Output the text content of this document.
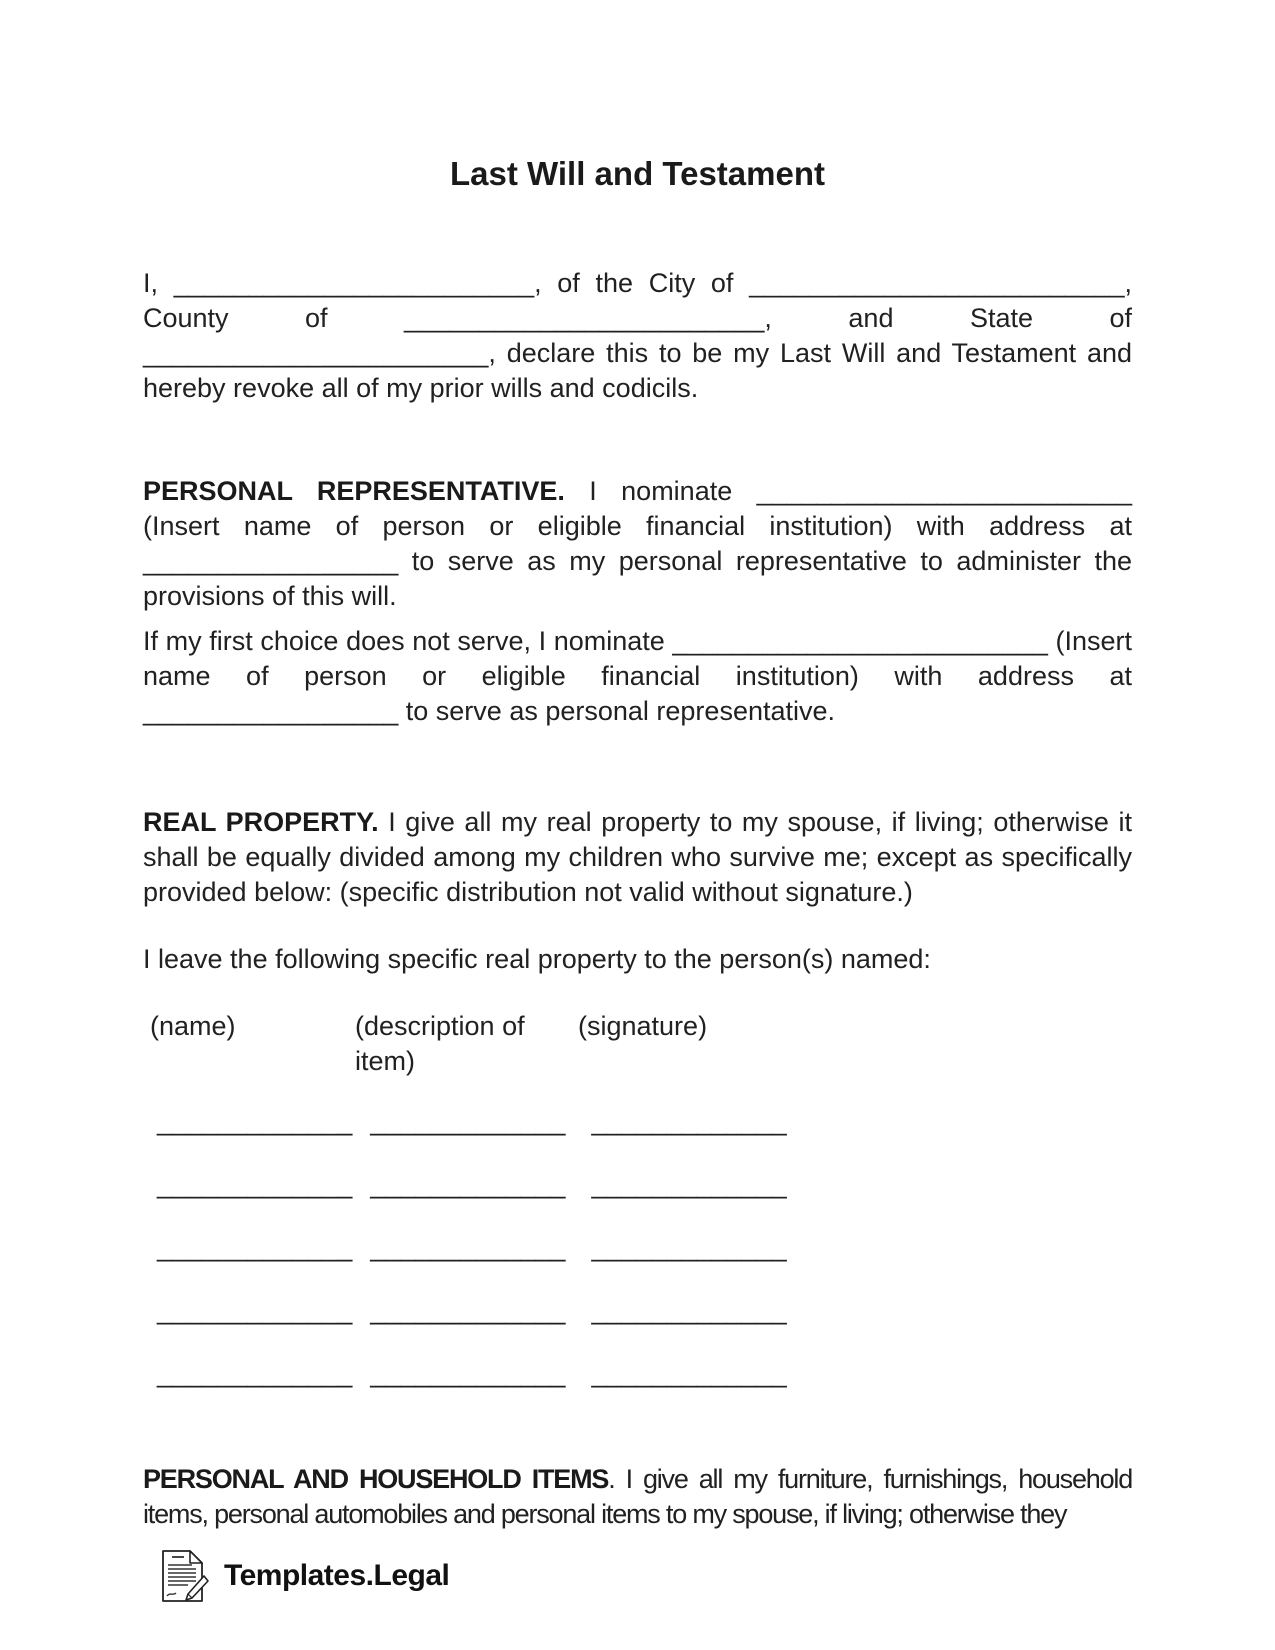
Last Will and Testament

I, ________________________, of the City of _________________________, County of ________________________, and State of _______________________, declare this to be my Last Will and Testament and hereby revoke all of my prior wills and codicils.

PERSONAL REPRESENTATIVE. I nominate _________________________ (Insert name of person or eligible financial institution) with address at _________________ to serve as my personal representative to administer the provisions of this will.

If my first choice does not serve, I nominate _________________________ (Insert name of person or eligible financial institution) with address at _________________ to serve as personal representative.

REAL PROPERTY. I give all my real property to my spouse, if living; otherwise it shall be equally divided among my children who survive me; except as specifically provided below: (specific distribution not valid without signature.)

I leave the following specific real property to the person(s) named:

(name)	(description of item)
(signature)
_____________ _____________ _____________
_____________ _____________ _____________
_____________ _____________ _____________
_____________ _____________ _____________
_____________ _____________ _____________

PERSONAL AND HOUSEHOLD ITEMS. I give all my furniture, furnishings, household items, personal automobiles and personal items to my spouse, if living; otherwise they

Templates.Legal
